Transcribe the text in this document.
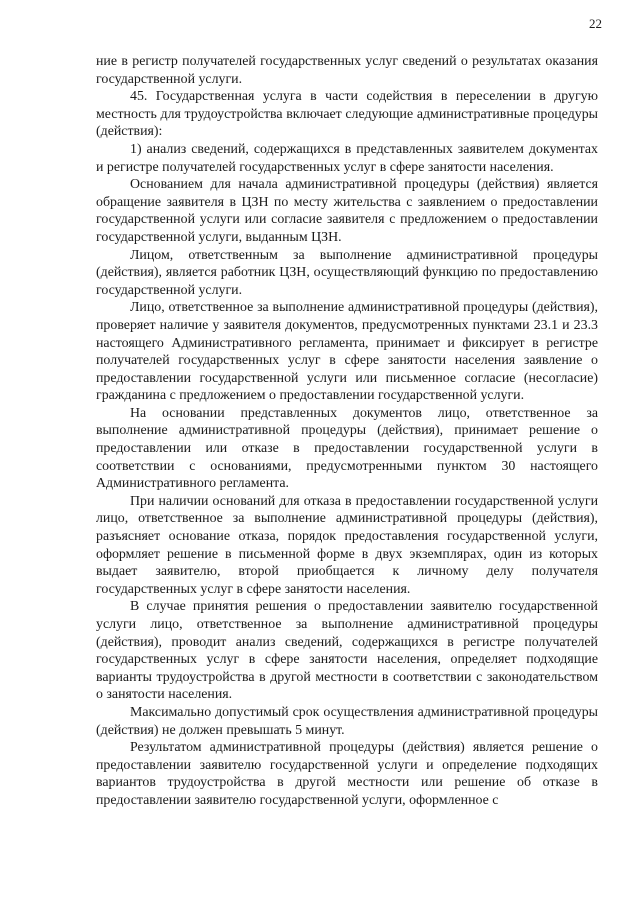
22

ние в регистр получателей государственных услуг сведений о результатах оказания государственной услуги.

45. Государственная услуга в части содействия в переселении в другую местность для трудоустройства включает следующие административные процедуры (действия):

1) анализ сведений, содержащихся в представленных заявителем документах и регистре получателей государственных услуг в сфере занятости населения.

Основанием для начала административной процедуры (действия) является обращение заявителя в ЦЗН по месту жительства с заявлением о предоставлении государственной услуги или согласие заявителя с предложением о предоставлении государственной услуги, выданным ЦЗН.

Лицом, ответственным за выполнение административной процедуры (действия), является работник ЦЗН, осуществляющий функцию по предоставлению государственной услуги.

Лицо, ответственное за выполнение административной процедуры (действия), проверяет наличие у заявителя документов, предусмотренных пунктами 23.1 и 23.3 настоящего Административного регламента, принимает и фиксирует в регистре получателей государственных услуг в сфере занятости населения заявление о предоставлении государственной услуги или письменное согласие (несогласие) гражданина с предложением о предоставлении государственной услуги.

На основании представленных документов лицо, ответственное за выполнение административной процедуры (действия), принимает решение о предоставлении или отказе в предоставлении государственной услуги в соответствии с основаниями, предусмотренными пунктом 30 настоящего Административного регламента.

При наличии оснований для отказа в предоставлении государственной услуги лицо, ответственное за выполнение административной процедуры (действия), разъясняет основание отказа, порядок предоставления государственной услуги, оформляет решение в письменной форме в двух экземплярах, один из которых выдает заявителю, второй приобщается к личному делу получателя государственных услуг в сфере занятости населения.

В случае принятия решения о предоставлении заявителю государственной услуги лицо, ответственное за выполнение административной процедуры (действия), проводит анализ сведений, содержащихся в регистре получателей государственных услуг в сфере занятости населения, определяет подходящие варианты трудоустройства в другой местности в соответствии с законодательством о занятости населения.

Максимально допустимый срок осуществления административной процедуры (действия) не должен превышать 5 минут.

Результатом административной процедуры (действия) является решение о предоставлении заявителю государственной услуги и определение подходящих вариантов трудоустройства в другой местности или решение об отказе в предоставлении заявителю государственной услуги, оформленное с
